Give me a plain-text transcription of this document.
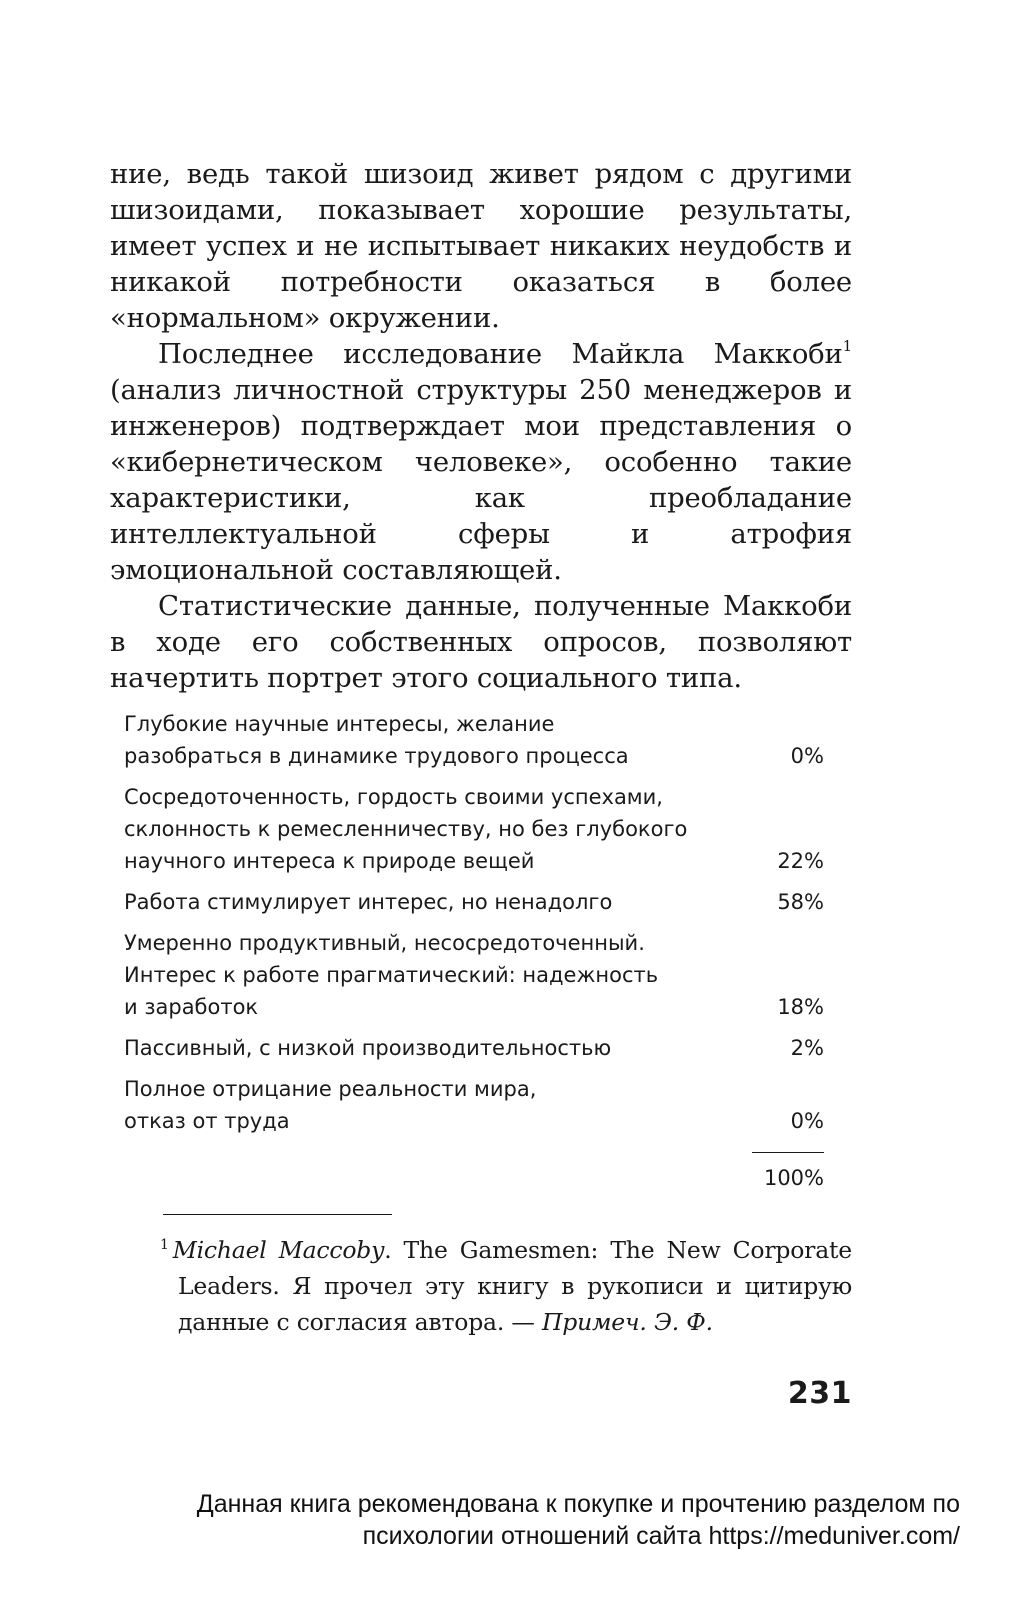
ние, ведь такой шизоид живет рядом с другими шизоидами, показывает хорошие результаты, имеет успех и не испытывает никаких неудобств и никакой потребности оказаться в более «нормальном» окружении.

Последнее исследование Майкла Маккоби$^1$ (анализ личностной структуры 250 менеджеров и инженеров) подтверждает мои представления о «кибернетическом человеке», особенно такие характеристики, как преобладание интеллектуальной сферы и атрофия эмоциональной составляющей.

Статистические данные, полученные Маккоби в ходе его собственных опросов, позволяют начертить портрет этого социального типа.

Глубокие научные интересы, желание
разобраться в динамике трудового процесса	0%
Сосредоточенность, гордость своими успехами,
склонность к ремесленничеству, но без глубокого
научного интереса к природе вещей	22%
Работа стимулирует интерес, но ненадолго	58%
Умеренно продуктивный, несосредоточенный.
Интерес к работе прагматический: надежность
и заработок	18%
Пассивный, с низкой производительностью	2%
Полное отрицание реальности мира,
отказ от труда	0%
100%

$^1$ Michael Maccoby. The Gamesmen: The New Corporate Leaders. Я прочел эту книгу в рукописи и цитирую данные с согласия автора. — Примеч. Э. Ф.

231
Данная книга рекомендована к покупке и прочтению разделом по
психологии отношений сайта https://meduniver.com/
